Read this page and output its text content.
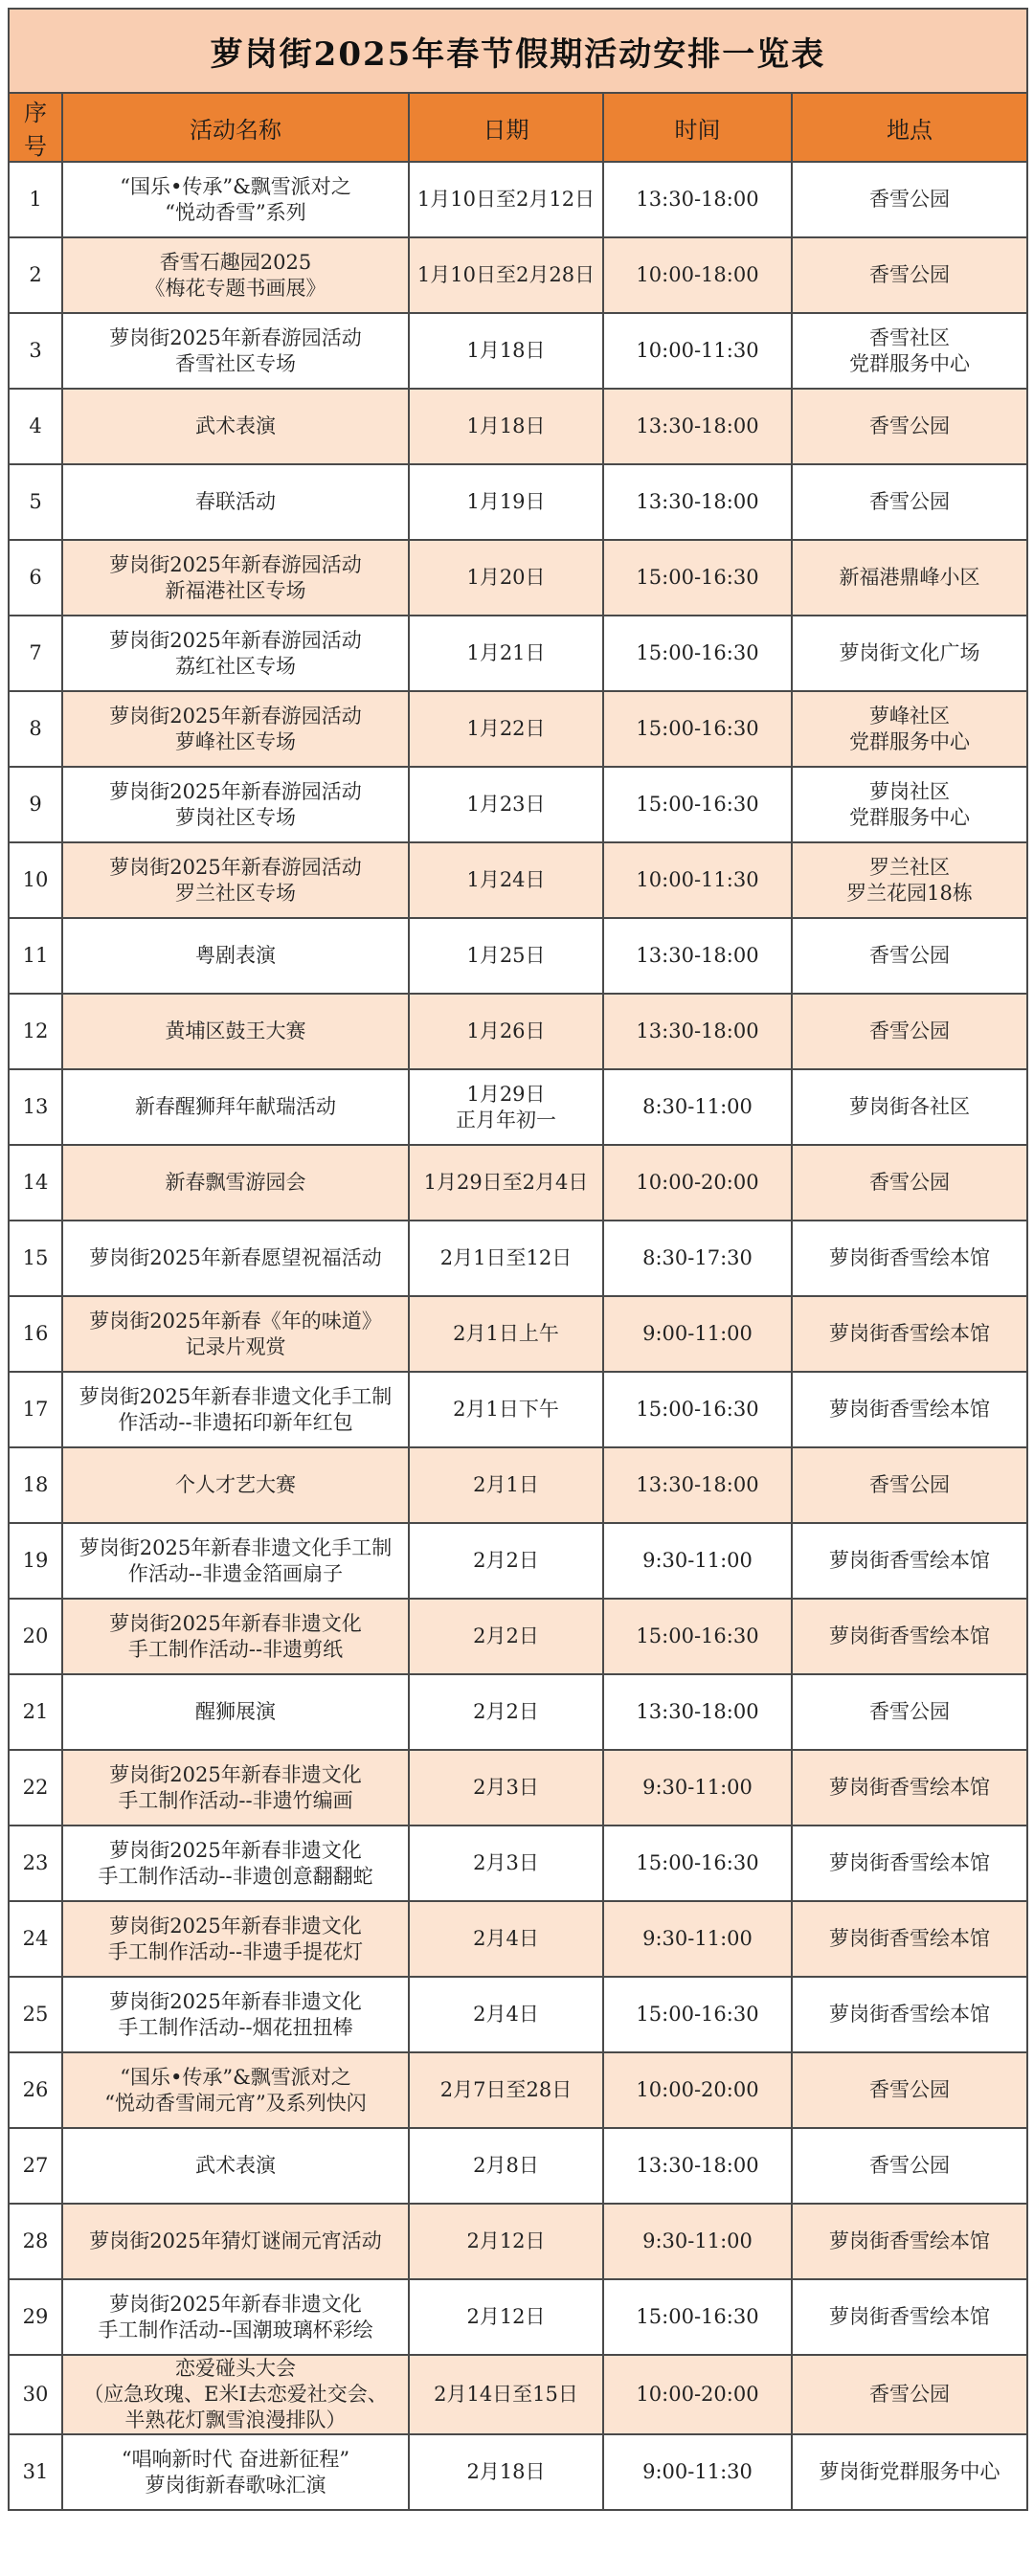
萝岗街2025年春节假期活动安排一览表				
序号	活动名称	日期	时间	地点
1	“国乐•传承”&飘雪派对之
“悦动香雪”系列	1月10日至2月12日	13:30-18:00	香雪公园

2	香雪石趣园2025
《梅花专题书画展》	1月10日至2月28日	10:00-18:00	香雪公园

3	萝岗街2025年新春游园活动
香雪社区专场	1月18日	10:00-11:30	香雪社区
党群服务中心

4	武术表演	1月18日	13:30-18:00	香雪公园

5	春联活动	1月19日	13:30-18:00	香雪公园

6	萝岗街2025年新春游园活动
新福港社区专场	1月20日	15:00-16:30	新福港鼎峰小区

7	萝岗街2025年新春游园活动
荔红社区专场	1月21日	15:00-16:30	萝岗街文化广场

8	萝岗街2025年新春游园活动
萝峰社区专场	1月22日	15:00-16:30	萝峰社区
党群服务中心

9	萝岗街2025年新春游园活动
萝岗社区专场	1月23日	15:00-16:30	萝岗社区
党群服务中心

10	萝岗街2025年新春游园活动
罗兰社区专场	1月24日	10:00-11:30	罗兰社区
罗兰花园18栋

11	粤剧表演	1月25日	13:30-18:00	香雪公园

12	黄埔区鼓王大赛	1月26日	13:30-18:00	香雪公园

13	新春醒狮拜年献瑞活动	1月29日
正月年初一	8:30-11:00	萝岗街各社区

14	新春飘雪游园会	1月29日至2月4日	10:00-20:00	香雪公园

15	萝岗街2025年新春愿望祝福活动	2月1日至12日	8:30-17:30	萝岗街香雪绘本馆

16	萝岗街2025年新春《年的味道》
记录片观赏	2月1日上午	9:00-11:00	萝岗街香雪绘本馆

17	萝岗街2025年新春非遗文化手工制
作活动--非遗拓印新年红包	2月1日下午	15:00-16:30	萝岗街香雪绘本馆

18	个人才艺大赛	2月1日	13:30-18:00	香雪公园

19	萝岗街2025年新春非遗文化手工制
作活动--非遗金箔画扇子	2月2日	9:30-11:00	萝岗街香雪绘本馆

20	萝岗街2025年新春非遗文化
手工制作活动--非遗剪纸	2月2日	15:00-16:30	萝岗街香雪绘本馆

21	醒狮展演	2月2日	13:30-18:00	香雪公园

22	萝岗街2025年新春非遗文化
手工制作活动--非遗竹编画	2月3日	9:30-11:00	萝岗街香雪绘本馆

23	萝岗街2025年新春非遗文化
手工制作活动--非遗创意翻翻蛇	2月3日	15:00-16:30	萝岗街香雪绘本馆

24	萝岗街2025年新春非遗文化
手工制作活动--非遗手提花灯	2月4日	9:30-11:00	萝岗街香雪绘本馆

25	萝岗街2025年新春非遗文化
手工制作活动--烟花扭扭棒	2月4日	15:00-16:30	萝岗街香雪绘本馆

26	“国乐•传承”&飘雪派对之
“悦动香雪闹元宵”及系列快闪	2月7日至28日	10:00-20:00	香雪公园

27	武术表演	2月8日	13:30-18:00	香雪公园

28	萝岗街2025年猜灯谜闹元宵活动	2月12日	9:30-11:00	萝岗街香雪绘本馆

29	萝岗街2025年新春非遗文化
手工制作活动--国潮玻璃杯彩绘	2月12日	15:00-16:30	萝岗街香雪绘本馆

30	恋爱碰头大会
（应急玫瑰、E米I去恋爱社交会、
半熟花灯飘雪浪漫排队）	2月14日至15日	10:00-20:00	香雪公园

31	“唱响新时代 奋进新征程”
萝岗街新春歌咏汇演	2月18日	9:00-11:30	萝岗街党群服务中心
